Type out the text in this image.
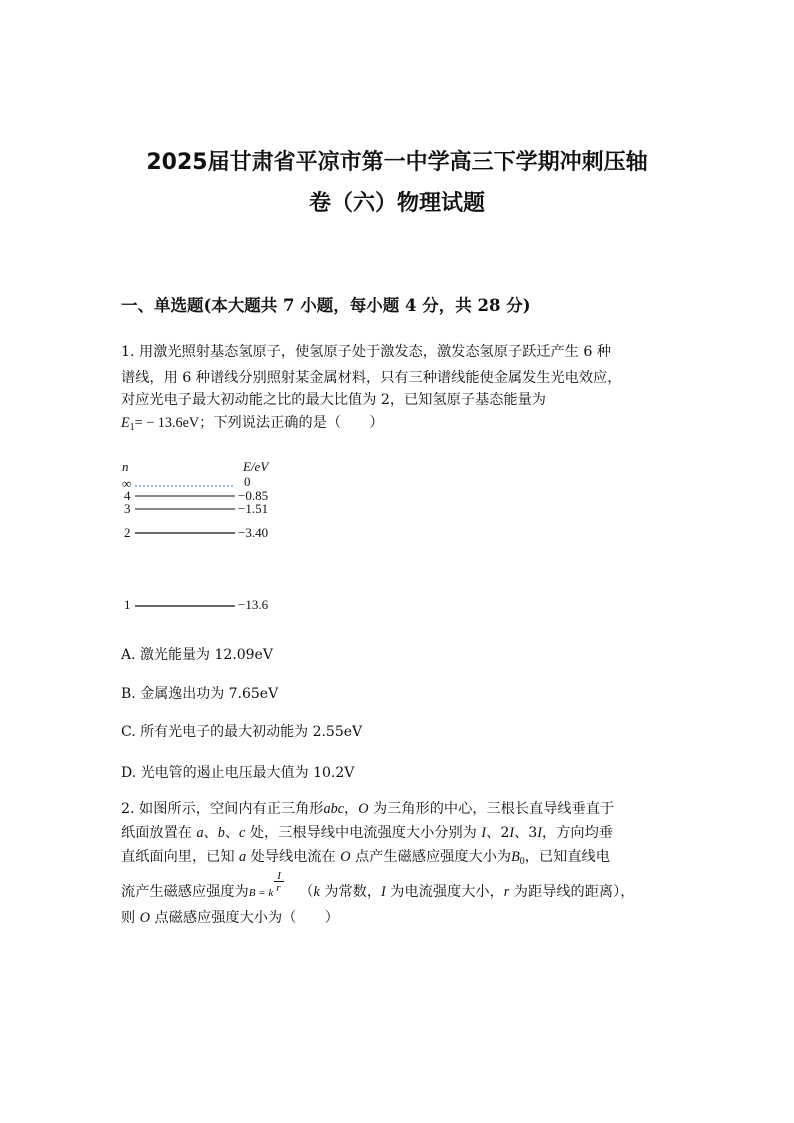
2025届甘肃省平凉市第一中学高三下学期冲刺压轴
卷（六）物理试题
一、单选题(本大题共 7 小题，每小题 4 分，共 28 分)
1. 用激光照射基态氢原子，使氢原子处于激发态，激发态氢原子跃迁产生 6 种
谱线，用 6 种谱线分别照射某金属材料，只有三种谱线能使金属发生光电效应，
对应光电子最大初动能之比的最大比值为 2，已知氢原子基态能量为
$E_1= - 13.6eV$；下列说法正确的是（　　）
n	E/eV
∞	0
4	−0.85
3	−1.51
2	−3.40
1	−13.6
A. 激光能量为 12.09eV
B. 金属逸出功为 7.65eV
C. 所有光电子的最大初动能为 2.55eV
D. 光电管的遏止电压最大值为 10.2V
2. 如图所示，空间内有正三角形abc，O 为三角形的中心，三根长直导线垂直于
纸面放置在 a、b、c 处，三根导线中电流强度大小分别为 I、2I、3I，方向均垂
直纸面向里，已知 a 处导线电流在 O 点产生磁感应强度大小为$B_0$，已知直线电
流产生磁感应强度为B = k $\frac{I}{r} (k$ 为常数，I 为电流强度大小，r 为距导线的距离），
则 O 点磁感应强度大小为（　　）
